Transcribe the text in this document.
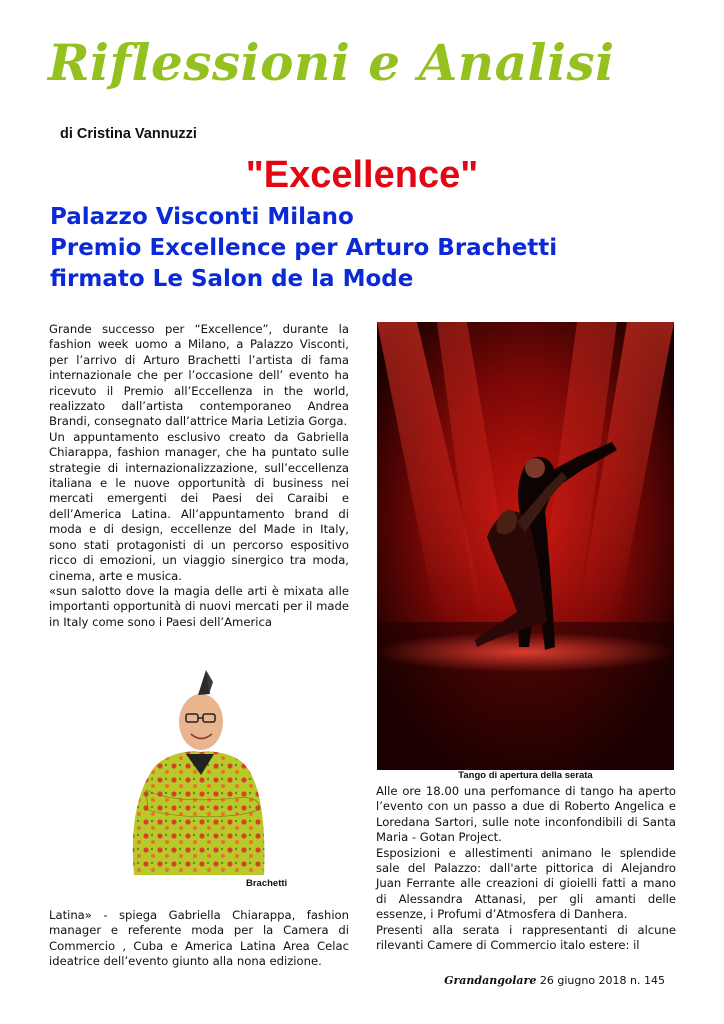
Riflessioni e Analisi
di Cristina Vannuzzi
"Excellence"
Palazzo Visconti Milano
Premio Excellence per Arturo Brachetti
firmato Le Salon de la Mode

Grande successo per “Excellence”, durante la fashion week uomo a Milano, a Palazzo Visconti, per l’arrivo di Arturo Brachetti l’artista di fama internazionale che per l’occasione dell’ evento ha ricevuto il Premio all’Eccellenza in the world, realizzato dall’artista contemporaneo Andrea Brandi, consegnato dall’attrice Maria Letizia Gorga.

Un appuntamento esclusivo creato da Gabriella Chiarappa, fashion manager, che ha puntato sulle strategie di internazionalizzazione, sull’eccellenza italiana e le nuove opportunità di business nei mercati emergenti dei Paesi dei Caraibi e dell’America Latina. All’appuntamento brand di moda e di design, eccellenze del Made in Italy, sono stati protagonisti di un percorso espositivo ricco di emozioni, un viaggio sinergico tra moda, cinema, arte e musica.

«sun salotto dove la magia delle arti è mixata alle importanti opportunità di nuovi mercati per il made in Italy come sono i Paesi dell’America

Tango di apertura della serata
Brachetti

Latina» - spiega Gabriella Chiarappa, fashion manager e referente moda per la Camera di Commercio , Cuba e America Latina Area Celac ideatrice dell’evento giunto alla nona edizione.

Alle ore 18.00 una perfomance di tango ha aperto l’evento con un passo a due di Roberto Angelica e Loredana Sartori, sulle note inconfondibili di Santa Maria - Gotan Project.

Esposizioni e allestimenti animano le splendide sale del Palazzo: dall'arte pittorica di Alejandro Juan Ferrante alle creazioni di gioielli fatti a mano di Alessandra Attanasi, per gli amanti delle essenze, i Profumi d’Atmosfera di Danhera.

Presenti alla serata i rappresentanti di alcune rilevanti Camere di Commercio italo estere: il

Grandangolare 26 giugno 2018 n. 145
